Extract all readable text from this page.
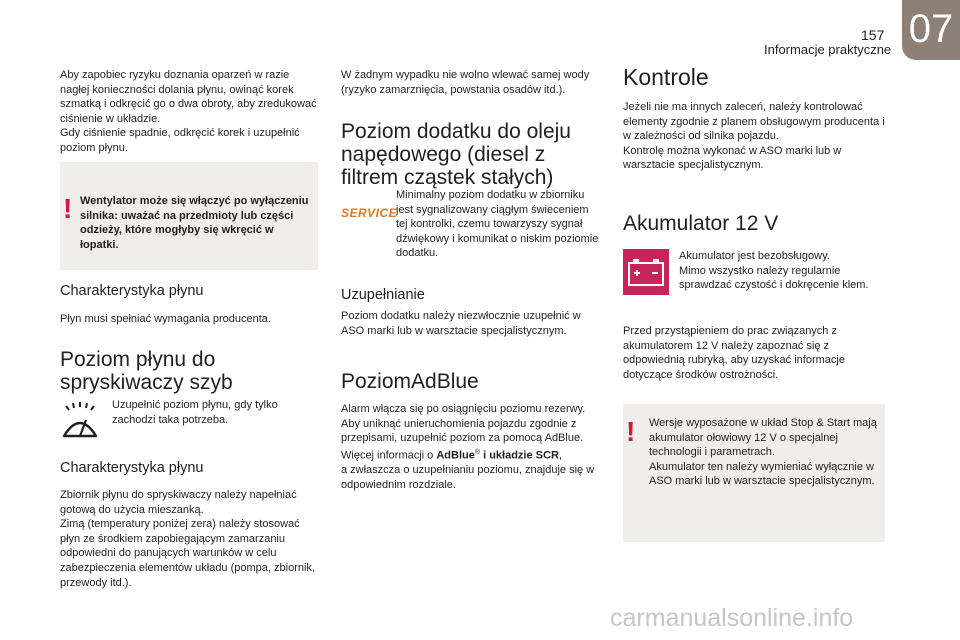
157
Informacje praktyczne 07

Aby zapobiec ryzyku doznania oparzeń w razie nagłej konieczności dolania płynu, owinąć korek szmatką i odkręcić go o dwa obroty, aby zredukować ciśnienie w układzie.
Gdy ciśnienie spadnie, odkręcić korek i uzupełnić poziom płynu.

! Wentylator może się włączyć po wyłączeniu silnika: uważać na przedmioty lub części odzieży, które mogłyby się wkręcić w łopatki.

Charakterystyka płynu

Płyn musi spełniać wymagania producenta.

Poziom płynu do spryskiwaczy szyb

Uzupełnić poziom płynu, gdy tylko zachodzi taka potrzeba.

Charakterystyka płynu

Zbiornik płynu do spryskiwaczy należy napełniać gotową do użycia mieszanką.
Zimą (temperatury poniżej zera) należy stosować płyn ze środkiem zapobiegającym zamarzaniu odpowiedni do panujących warunków w celu zabezpieczenia elementów układu (pompa, zbiornik, przewody itd.).

W żadnym wypadku nie wolno wlewać samej wody (ryzyko zamarznięcia, powstania osadów itd.).

Poziom dodatku do oleju napędowego (diesel z filtrem cząstek stałych)
SERVICE

Minimalny poziom dodatku w zbiorniku jest sygnalizowany ciągłym świeceniem tej kontrolki, czemu towarzyszy sygnał dźwiękowy i komunikat o niskim poziomie dodatku.

Uzupełnianie

Poziom dodatku należy niezwłocznie uzupełnić w ASO marki lub w warsztacie specjalistycznym.

PoziomAdBlue

Alarm włącza się po osiągnięciu poziomu rezerwy.
Aby uniknąć unieruchomienia pojazdu zgodnie z przepisami, uzupełnić poziom za pomocą AdBlue.
Więcej informacji o AdBlue® i układzie SCR,
a zwłaszcza o uzupełnianiu poziomu, znajduje się w odpowiednim rozdziale.

Kontrole

Jeżeli nie ma innych zaleceń, należy kontrolować elementy zgodnie z planem obsługowym producenta i w zależności od silnika pojazdu.
Kontrolę można wykonać w ASO marki lub w warsztacie specjalistycznym.

Akumulator 12 V

Akumulator jest bezobsługowy.
Mimo wszystko należy regularnie sprawdzać czystość i dokręcenie klem.

Przed przystąpieniem do prac związanych z akumulatorem 12 V należy zapoznać się z odpowiednią rubryką, aby uzyskać informacje dotyczące środków ostrożności.

! Wersje wyposażone w układ Stop & Start mają akumulator ołowiowy 12 V o specjalnej technologii i parametrach.
Akumulator ten należy wymieniać wyłącznie w ASO marki lub w warsztacie specjalistycznym.

carmanualsonline.info
